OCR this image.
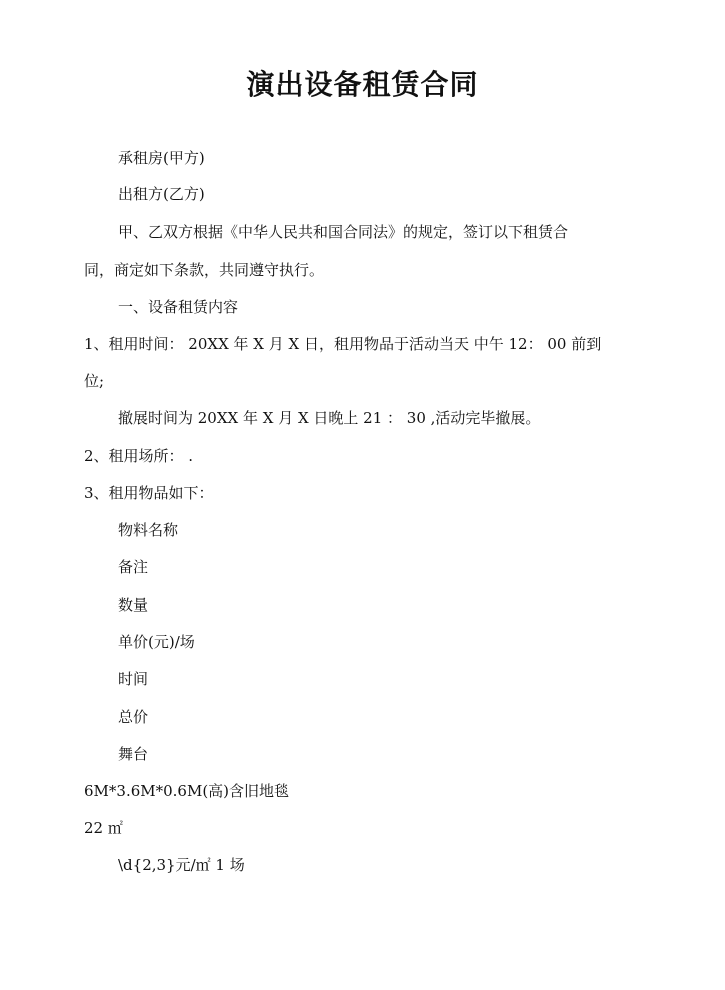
演出设备租赁合同
承租房(甲方)
出租方(乙方)
甲、乙双方根据《中华人民共和国合同法》的规定，签订以下租赁合
同，商定如下条款，共同遵守执行。
一、设备租赁内容
1、租用时间： 20XX 年 X 月 X 日，租用物品于活动当天 中午 12： 00 前到
位;
撤展时间为 20XX 年 X 月 X 日晚上 21 ： 30 ,活动完毕撤展。
2、租用场所： .
3、租用物品如下：
物料名称
备注
数量
单价(元)/场
时间
总价
舞台
6M*3.6M*0.6M(高)含旧地毯
22 ㎡
\d{2,3}元/㎡ 1 场
